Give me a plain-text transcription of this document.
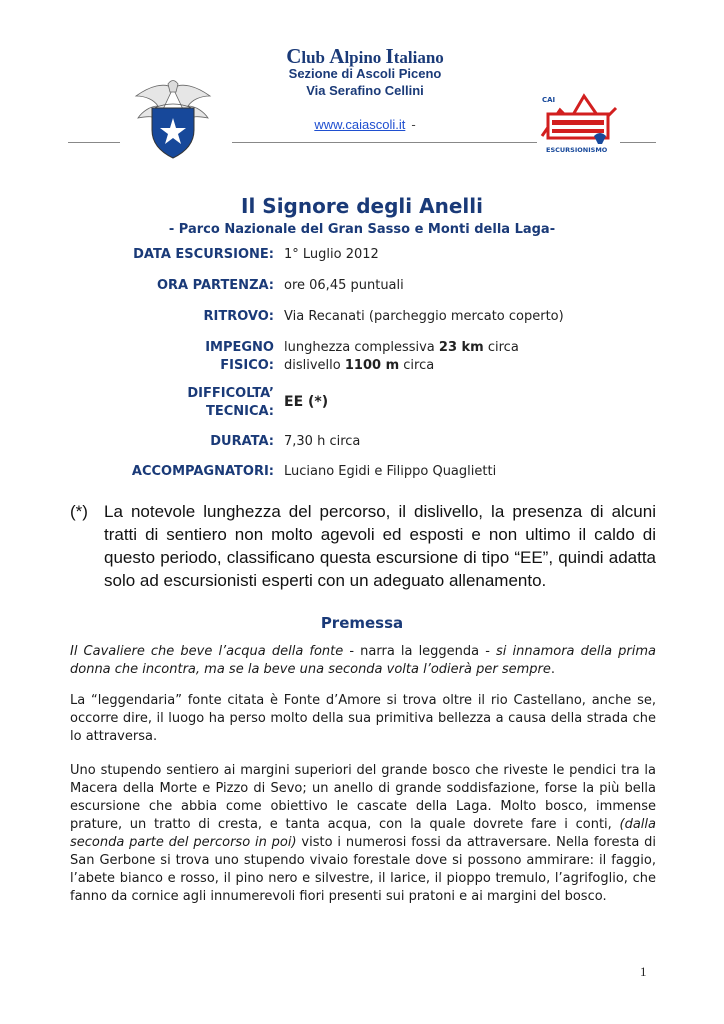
Club Alpino Italiano
Sezione di Ascoli Piceno
Via Serafino Cellini
www.caiascoli.it -
CAI
ESCURSIONISMO
Il Signore degli Anelli
- Parco Nazionale del Gran Sasso e Monti della Laga-
DATA ESCURSIONE: 1° Luglio 2012
ORA PARTENZA: ore 06,45 puntuali
RITROVO: Via Recanati (parcheggio mercato coperto)
IMPEGNO
FISICO:
lunghezza complessiva 23 km circa
dislivello 1100 m circa
DIFFICOLTA’
TECNICA:
EE (*)
DURATA: 7,30 h circa
ACCOMPAGNATORI: Luciano Egidi e Filippo Quaglietti
(*) La notevole lunghezza del percorso, il dislivello, la presenza di alcuni tratti di sentiero non molto agevoli ed esposti e non ultimo il caldo di questo periodo, classificano questa escursione di tipo “EE”, quindi adatta solo ad escursionisti esperti con un adeguato allenamento.
Premessa
Il Cavaliere che beve l’acqua della fonte - narra la leggenda - si innamora della prima donna che incontra, ma se la beve una seconda volta l’odierà per sempre.
La “leggendaria” fonte citata è Fonte d’Amore si trova oltre il rio Castellano, anche se, occorre dire, il luogo ha perso molto della sua primitiva bellezza a causa della strada che lo attraversa.
Uno stupendo sentiero ai margini superiori del grande bosco che riveste le pendici tra la Macera della Morte e Pizzo di Sevo; un anello di grande soddisfazione, forse la più bella escursione che abbia come obiettivo le cascate della Laga. Molto bosco, immense prature, un tratto di cresta, e tanta acqua, con la quale dovrete fare i conti, (dalla seconda parte del percorso in poi) visto i numerosi fossi da attraversare. Nella foresta di San Gerbone si trova uno stupendo vivaio forestale dove si possono ammirare: il faggio, l’abete bianco e rosso, il pino nero e silvestre, il larice, il pioppo tremulo, l’agrifoglio, che fanno da cornice agli innumerevoli fiori presenti sui pratoni e ai margini del bosco.
1
